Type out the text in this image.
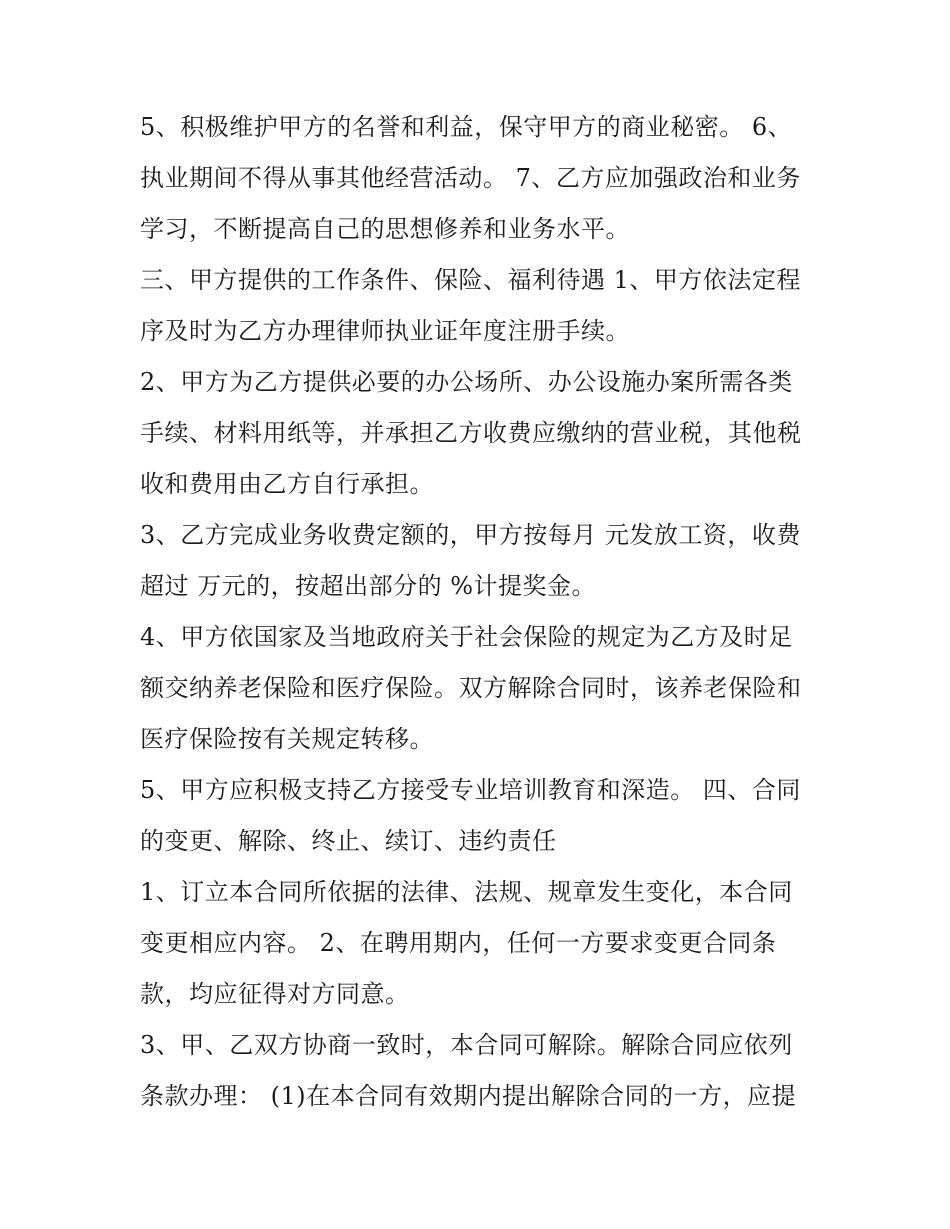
5、积极维护甲方的名誉和利益，保守甲方的商业秘密。 6、
执业期间不得从事其他经营活动。 7、乙方应加强政治和业务
学习，不断提高自己的思想修养和业务水平。
三、甲方提供的工作条件、保险、福利待遇 1、甲方依法定程
序及时为乙方办理律师执业证年度注册手续。
2、甲方为乙方提供必要的办公场所、办公设施办案所需各类
手续、材料用纸等，并承担乙方收费应缴纳的营业税，其他税
收和费用由乙方自行承担。
3、乙方完成业务收费定额的，甲方按每月 元发放工资，收费
超过 万元的，按超出部分的 %计提奖金。
4、甲方依国家及当地政府关于社会保险的规定为乙方及时足
额交纳养老保险和医疗保险。双方解除合同时，该养老保险和
医疗保险按有关规定转移。
5、甲方应积极支持乙方接受专业培训教育和深造。 四、合同
的变更、解除、终止、续订、违约责任
1、订立本合同所依据的法律、法规、规章发生变化，本合同
变更相应内容。 2、在聘用期内，任何一方要求变更合同条
款，均应征得对方同意。
3、甲、乙双方协商一致时，本合同可解除。解除合同应依列
条款办理： (1)在本合同有效期内提出解除合同的一方，应提
